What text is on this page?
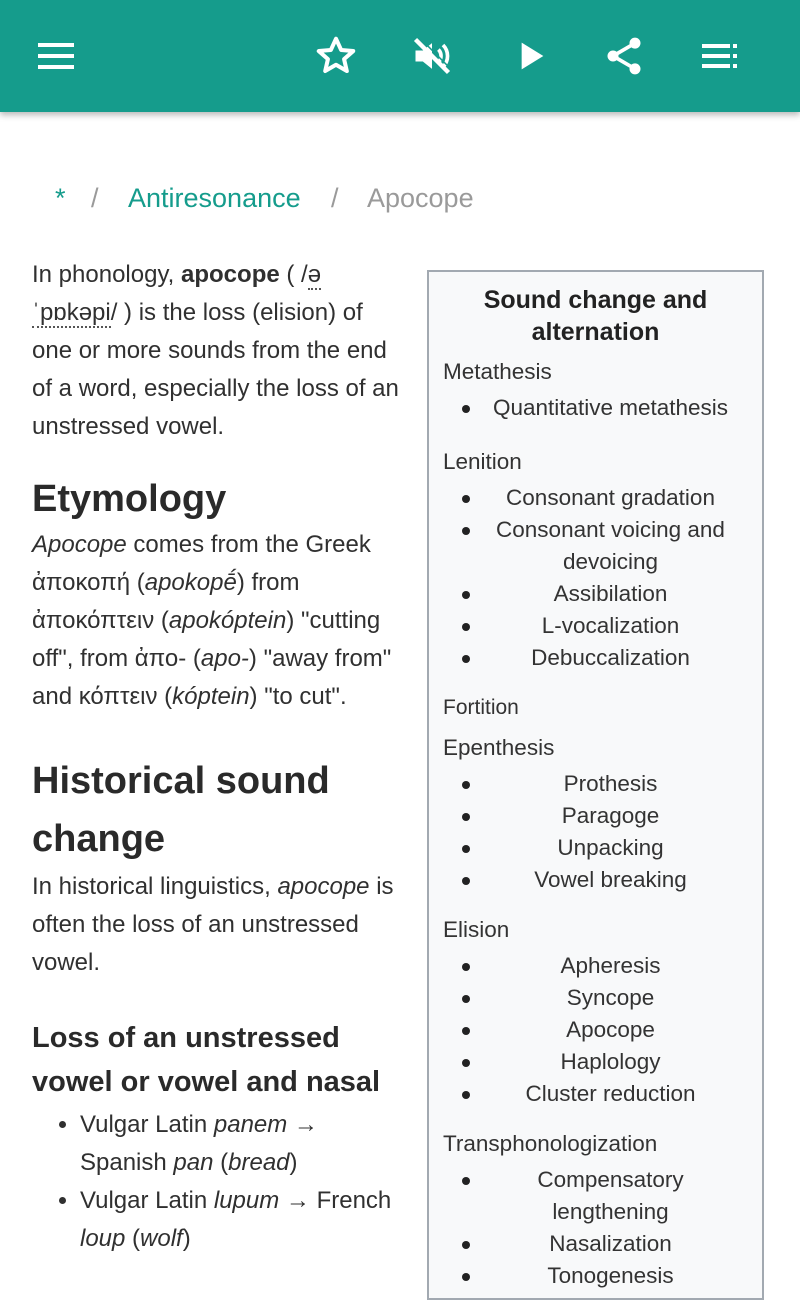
* / Antiresonance / Apocope

In phonology, apocope ( /ə ˈpɒkəpi/ ) is the loss (elision) of one or more sounds from the end of a word, especially the loss of an unstressed vowel.

Etymology

Apocope comes from the Greek ἀποκοπή (apokopḗ) from ἀποκόπτειν (apokóptein) "cutting off", from ἀπο- (apo-) "away from" and κόπτειν (kóptein) "to cut".

Historical sound change

In historical linguistics, apocope is often the loss of an unstressed vowel.

Loss of an unstressed vowel or vowel and nasal
• Vulgar Latin panem → Spanish pan (bread)
• Vulgar Latin lupum → French loup (wolf)
Sound change and alternation
Metathesis
Quantitative metathesis
Lenition
Consonant gradation
Consonant voicing and devoicing
Assibilation
L-vocalization
Debuccalization
Fortition
Epenthesis
Prothesis
Paragoge
Unpacking
Vowel breaking
Elision
Apheresis
Syncope
Apocope
Haplology
Cluster reduction
Transphonologization
Compensatory lengthening
Nasalization
Tonogenesis
